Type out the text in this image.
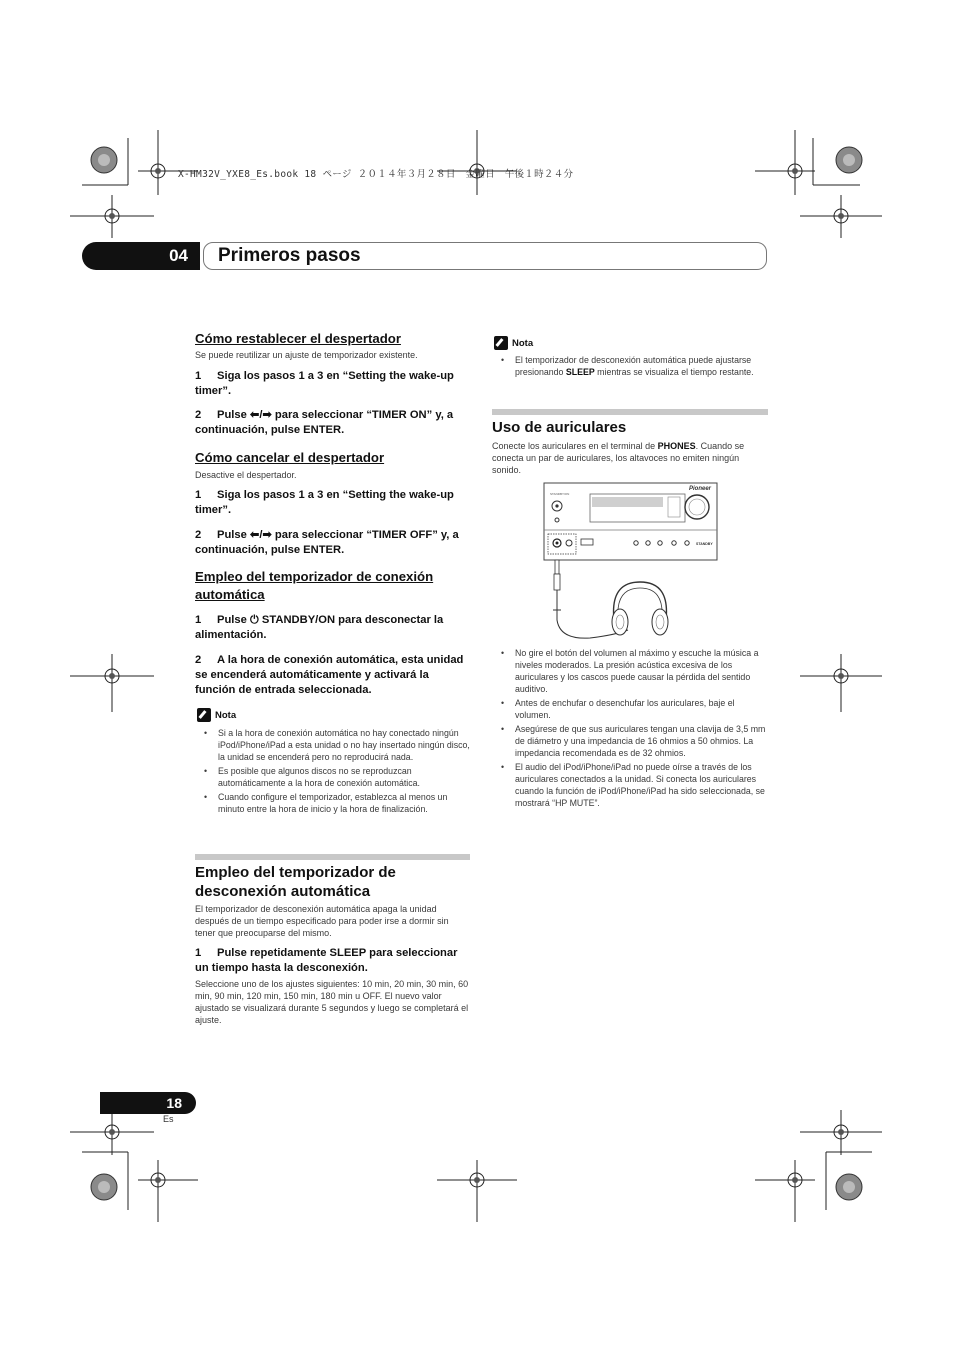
X-HM32V_YXE8_Es.book 18 ページ ２０１４年３月２８日　金曜日　午後１時２４分
04	Primeros pasos
Cómo restablecer el despertador
Se puede reutilizar un ajuste de temporizador existente.
1 Siga los pasos 1 a 3 en “Setting the wake-up timer”.
2 Pulse ⬅/➡ para seleccionar “TIMER ON” y, a continuación, pulse ENTER.
Cómo cancelar el despertador
Desactive el despertador.
1 Siga los pasos 1 a 3 en “Setting the wake-up timer”.
2 Pulse ⬅/➡ para seleccionar “TIMER OFF” y, a continuación, pulse ENTER.
Empleo del temporizador de conexión
automática
1 Pulse ⏻ STANDBY/ON para desconectar la alimentación.
2 A la hora de conexión automática, esta unidad se encenderá automáticamente y activará la función de entrada seleccionada.
Nota
• Si a la hora de conexión automática no hay conectado ningún iPod/iPhone/iPad a esta unidad o no hay insertado ningún disco, la unidad se encenderá pero no reproducirá nada.
• Es posible que algunos discos no se reproduzcan automáticamente a la hora de conexión automática.
• Cuando configure el temporizador, establezca al menos un minuto entre la hora de inicio y la hora de finalización.
Empleo del temporizador de
desconexión automática
El temporizador de desconexión automática apaga la unidad después de un tiempo especificado para poder irse a dormir sin tener que preocuparse del mismo.
1 Pulse repetidamente SLEEP para seleccionar un tiempo hasta la desconexión.
Seleccione uno de los ajustes siguientes: 10 min, 20 min, 30 min, 60 min, 90 min, 120 min, 150 min, 180 min u OFF. El nuevo valor ajustado se visualizará durante 5 segundos y luego se completará el ajuste.
Nota
• El temporizador de desconexión automática puede ajustarse presionando SLEEP mientras se visualiza el tiempo restante.
Uso de auriculares
Conecte los auriculares en el terminal de PHONES. Cuando se conecta un par de auriculares, los altavoces no emiten ningún sonido.
STANDBY/ON
Pioneer
STANDBY
• No gire el botón del volumen al máximo y escuche la música a niveles moderados. La presión acústica excesiva de los auriculares y los cascos puede causar la pérdida del sentido auditivo.
• Antes de enchufar o desenchufar los auriculares, baje el volumen.
• Asegúrese de que sus auriculares tengan una clavija de 3,5 mm de diámetro y una impedancia de 16 ohmios a 50 ohmios. La impedancia recomendada es de 32 ohmios.
• El audio del iPod/iPhone/iPad no puede oírse a través de los auriculares conectados a la unidad. Si conecta los auriculares cuando la función de iPod/iPhone/iPad ha sido seleccionada, se mostrará “HP MUTE”.
18
Es
